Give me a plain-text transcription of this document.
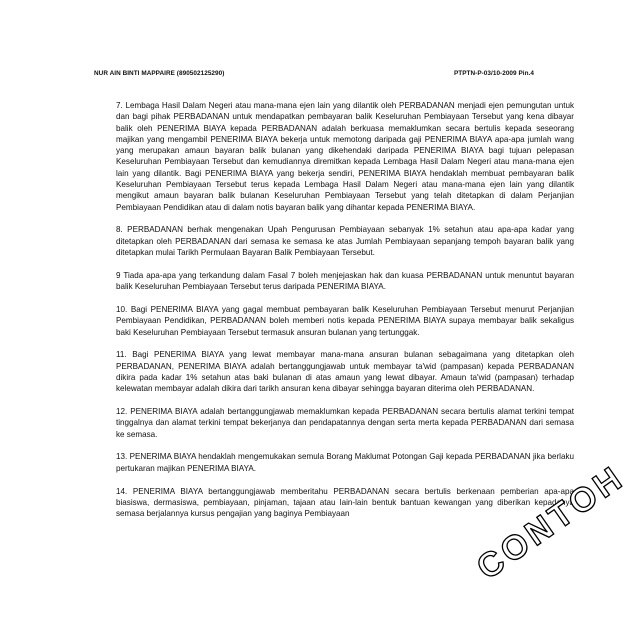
NUR AIN BINTI MAPPAIRE (890502125290)	PTPTN-P-03/10-2009 Pin.4

7. Lembaga Hasil Dalam Negeri atau mana-mana ejen lain yang dilantik oleh PERBADANAN menjadi ejen pemungutan untuk dan bagi pihak PERBADANAN untuk mendapatkan pembayaran balik Keseluruhan Pembiayaan Tersebut yang kena dibayar balik oleh PENERIMA BIAYA kepada PERBADANAN adalah berkuasa memaklumkan secara bertulis kepada seseorang majikan yang mengambil PENERIMA BIAYA bekerja untuk memotong daripada gaji PENERIMA BIAYA apa-apa jumlah wang yang merupakan amaun bayaran balik bulanan yang dikehendaki daripada PENERIMA BIAYA bagi tujuan pelepasan Keseluruhan Pembiayaan Tersebut dan kemudiannya diremitkan kepada Lembaga Hasil Dalam Negeri atau mana-mana ejen lain yang dilantik. Bagi PENERIMA BIAYA yang bekerja sendiri, PENERIMA BIAYA hendaklah membuat pembayaran balik Keseluruhan Pembiayaan Tersebut terus kepada Lembaga Hasil Dalam Negeri atau mana-mana ejen lain yang dilantik mengikut amaun bayaran balik bulanan Keseluruhan Pembiayaan Tersebut yang telah ditetapkan di dalam Perjanjian Pembiayaan Pendidikan atau di dalam notis bayaran balik yang dihantar kepada PENERIMA BIAYA.

8. PERBADANAN berhak mengenakan Upah Pengurusan Pembiayaan sebanyak 1% setahun atau apa-apa kadar yang ditetapkan oleh PERBADANAN dari semasa ke semasa ke atas Jumlah Pembiayaan sepanjang tempoh bayaran balik yang ditetapkan mulai Tarikh Permulaan Bayaran Balik Pembiayaan Tersebut.

9 Tiada apa-apa yang terkandung dalam Fasal 7 boleh menjejaskan hak dan kuasa PERBADANAN untuk menuntut bayaran balik Keseluruhan Pembiayaan Tersebut terus daripada PENERIMA BIAYA.

10. Bagi PENERIMA BIAYA yang gagal membuat pembayaran balik Keseluruhan Pembiayaan Tersebut menurut Perjanjian Pembiayaan Pendidikan, PERBADANAN boleh memberi notis kepada PENERIMA BIAYA supaya membayar balik sekaligus baki Keseluruhan Pembiayaan Tersebut termasuk ansuran bulanan yang tertunggak.

11. Bagi PENERIMA BIAYA yang lewat membayar mana-mana ansuran bulanan sebagaimana yang ditetapkan oleh PERBADANAN, PENERIMA BIAYA adalah bertanggungjawab untuk membayar ta'wid (pampasan) kepada PERBADANAN dikira pada kadar 1% setahun atas baki bulanan di atas amaun yang lewat dibayar. Amaun ta'wid (pampasan) terhadap kelewatan membayar adalah dikira dari tarikh ansuran kena dibayar sehingga bayaran diterima oleh PERBADANAN.

12. PENERIMA BIAYA adalah bertanggungjawab memaklumkan kepada PERBADANAN secara bertulis alamat terkini tempat tinggalnya dan alamat terkini tempat bekerjanya dan pendapatannya dengan serta merta kepada PERBADANAN dari semasa ke semasa.

13. PENERIMA BIAYA hendaklah mengemukakan semula Borang Maklumat Potongan Gaji kepada PERBADANAN jika berlaku pertukaran majikan PENERIMA BIAYA.

14. PENERIMA BIAYA bertanggungjawab memberitahu PERBADANAN secara bertulis berkenaan pemberian apa-apa biasiswa, dermasiswa, pembiayaan, pinjaman, tajaan atau lain-lain bentuk bantuan kewangan yang diberikan kepadanya semasa berjalannya kursus pengajian yang baginya Pembiayaan	CONTOH
